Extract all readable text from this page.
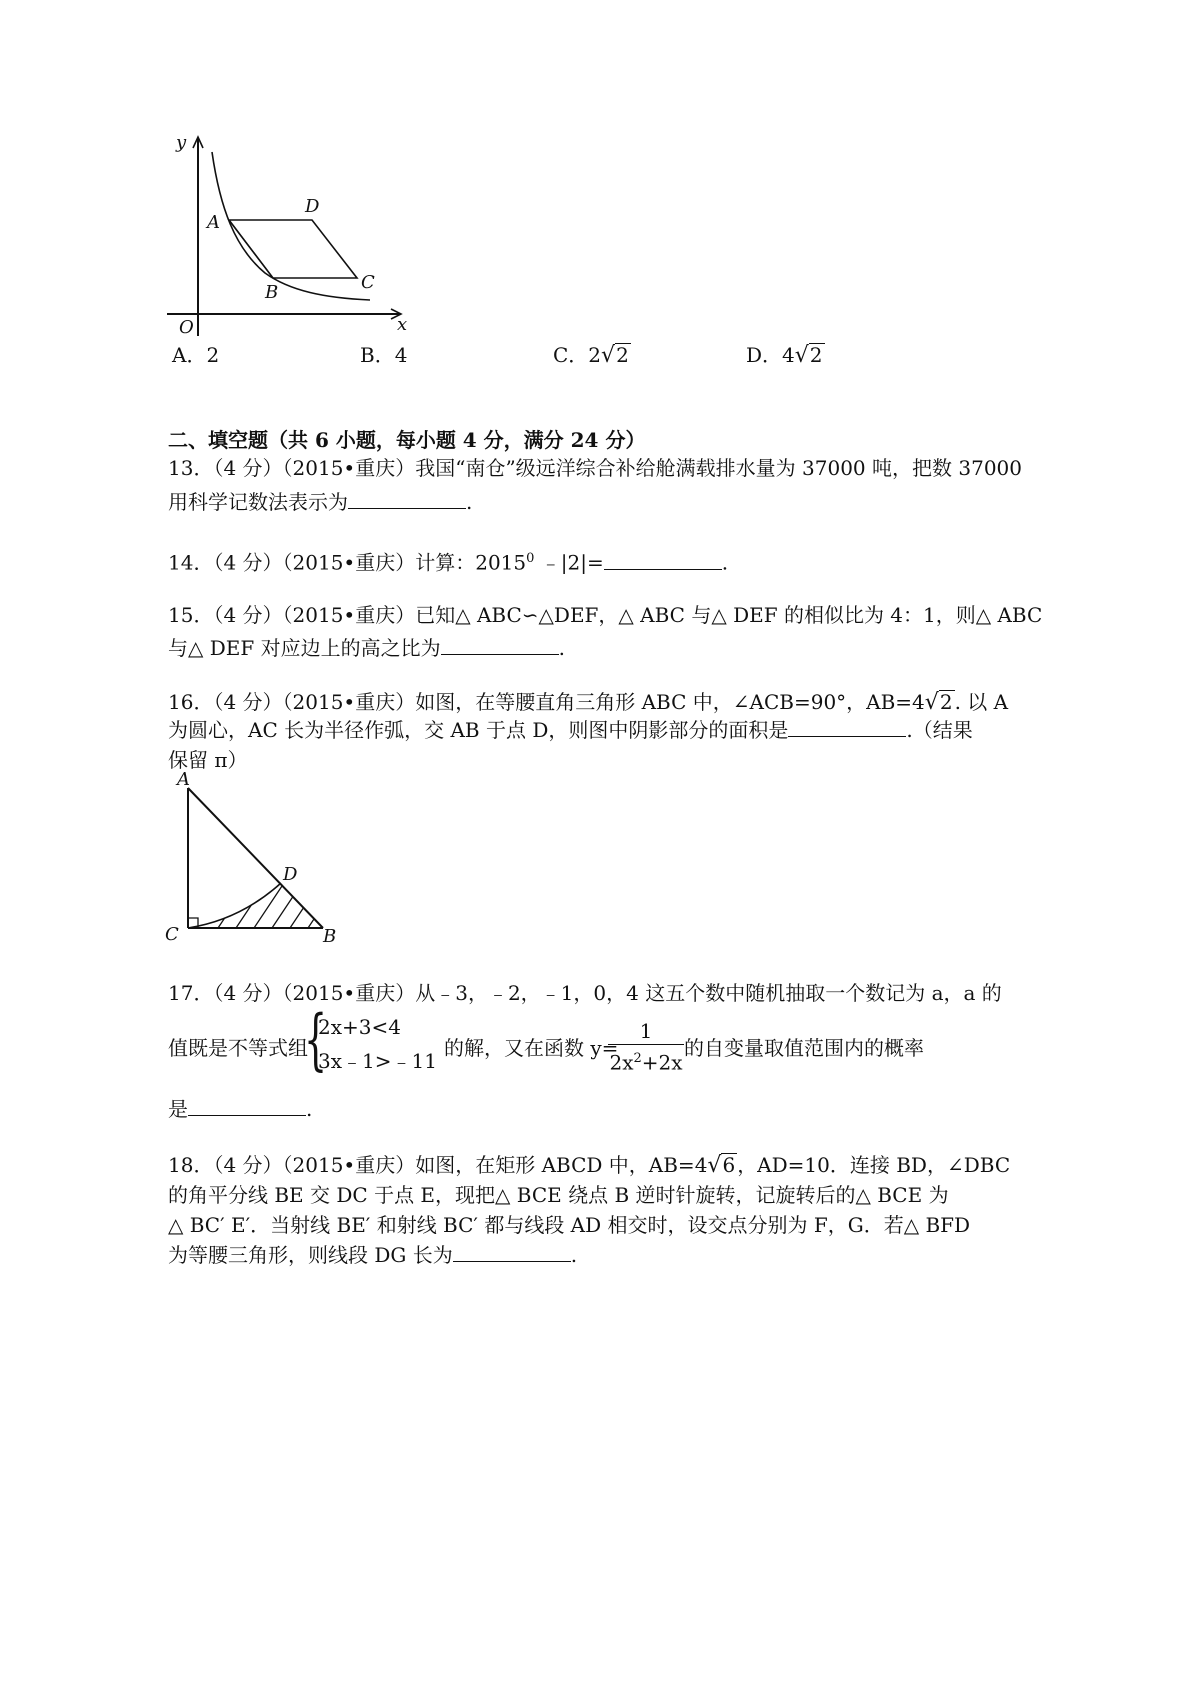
y
x
O
A
D
C
B
A．2	B．4	C．2√2	D．4√2
二、填空题（共 6 小题，每小题 4 分，满分 24 分）
13．（4 分）（2015•重庆）我国“南仓”级远洋综合补给舱满载排水量为 37000 吨，把数 37000
用科学记数法表示为	.
14．（4 分）（2015•重庆）计算：2015$^0$ ﹣|2|=	.
15．（4 分）（2015•重庆）已知△ ABC∽△DEF，△ ABC 与△ DEF 的相似比为 4：1，则△ ABC
与△ DEF 对应边上的高之比为	.
16．（4 分）（2015•重庆）如图，在等腰直角三角形 ABC 中，∠ACB=90°，AB=4√2 . 以 A
为圆心，AC 长为半径作弧，交 AB 于点 D，则图中阴影部分的面积是	.（结果
保留 π）
A
D
C	B
17．（4 分）（2015•重庆）从﹣3，﹣2，﹣1，0，4 这五个数中随机抽取一个数记为 a，a 的
值既是不等式组
{
2x+3<4
3x﹣1>﹣11
的解，又在函数 y=
1
$2x^2+2x$
的自变量取值范围内的概率
是	.
18．（4 分）（2015•重庆）如图，在矩形 ABCD 中，AB=4√6 ，AD=10．连接 BD，∠DBC
的角平分线 BE 交 DC 于点 E，现把△ BCE 绕点 B 逆时针旋转，记旋转后的△ BCE 为
△ BC′ E′．当射线 BE′ 和射线 BC′ 都与线段 AD 相交时，设交点分别为 F，G．若△ BFD
为等腰三角形，则线段 DG 长为	.
